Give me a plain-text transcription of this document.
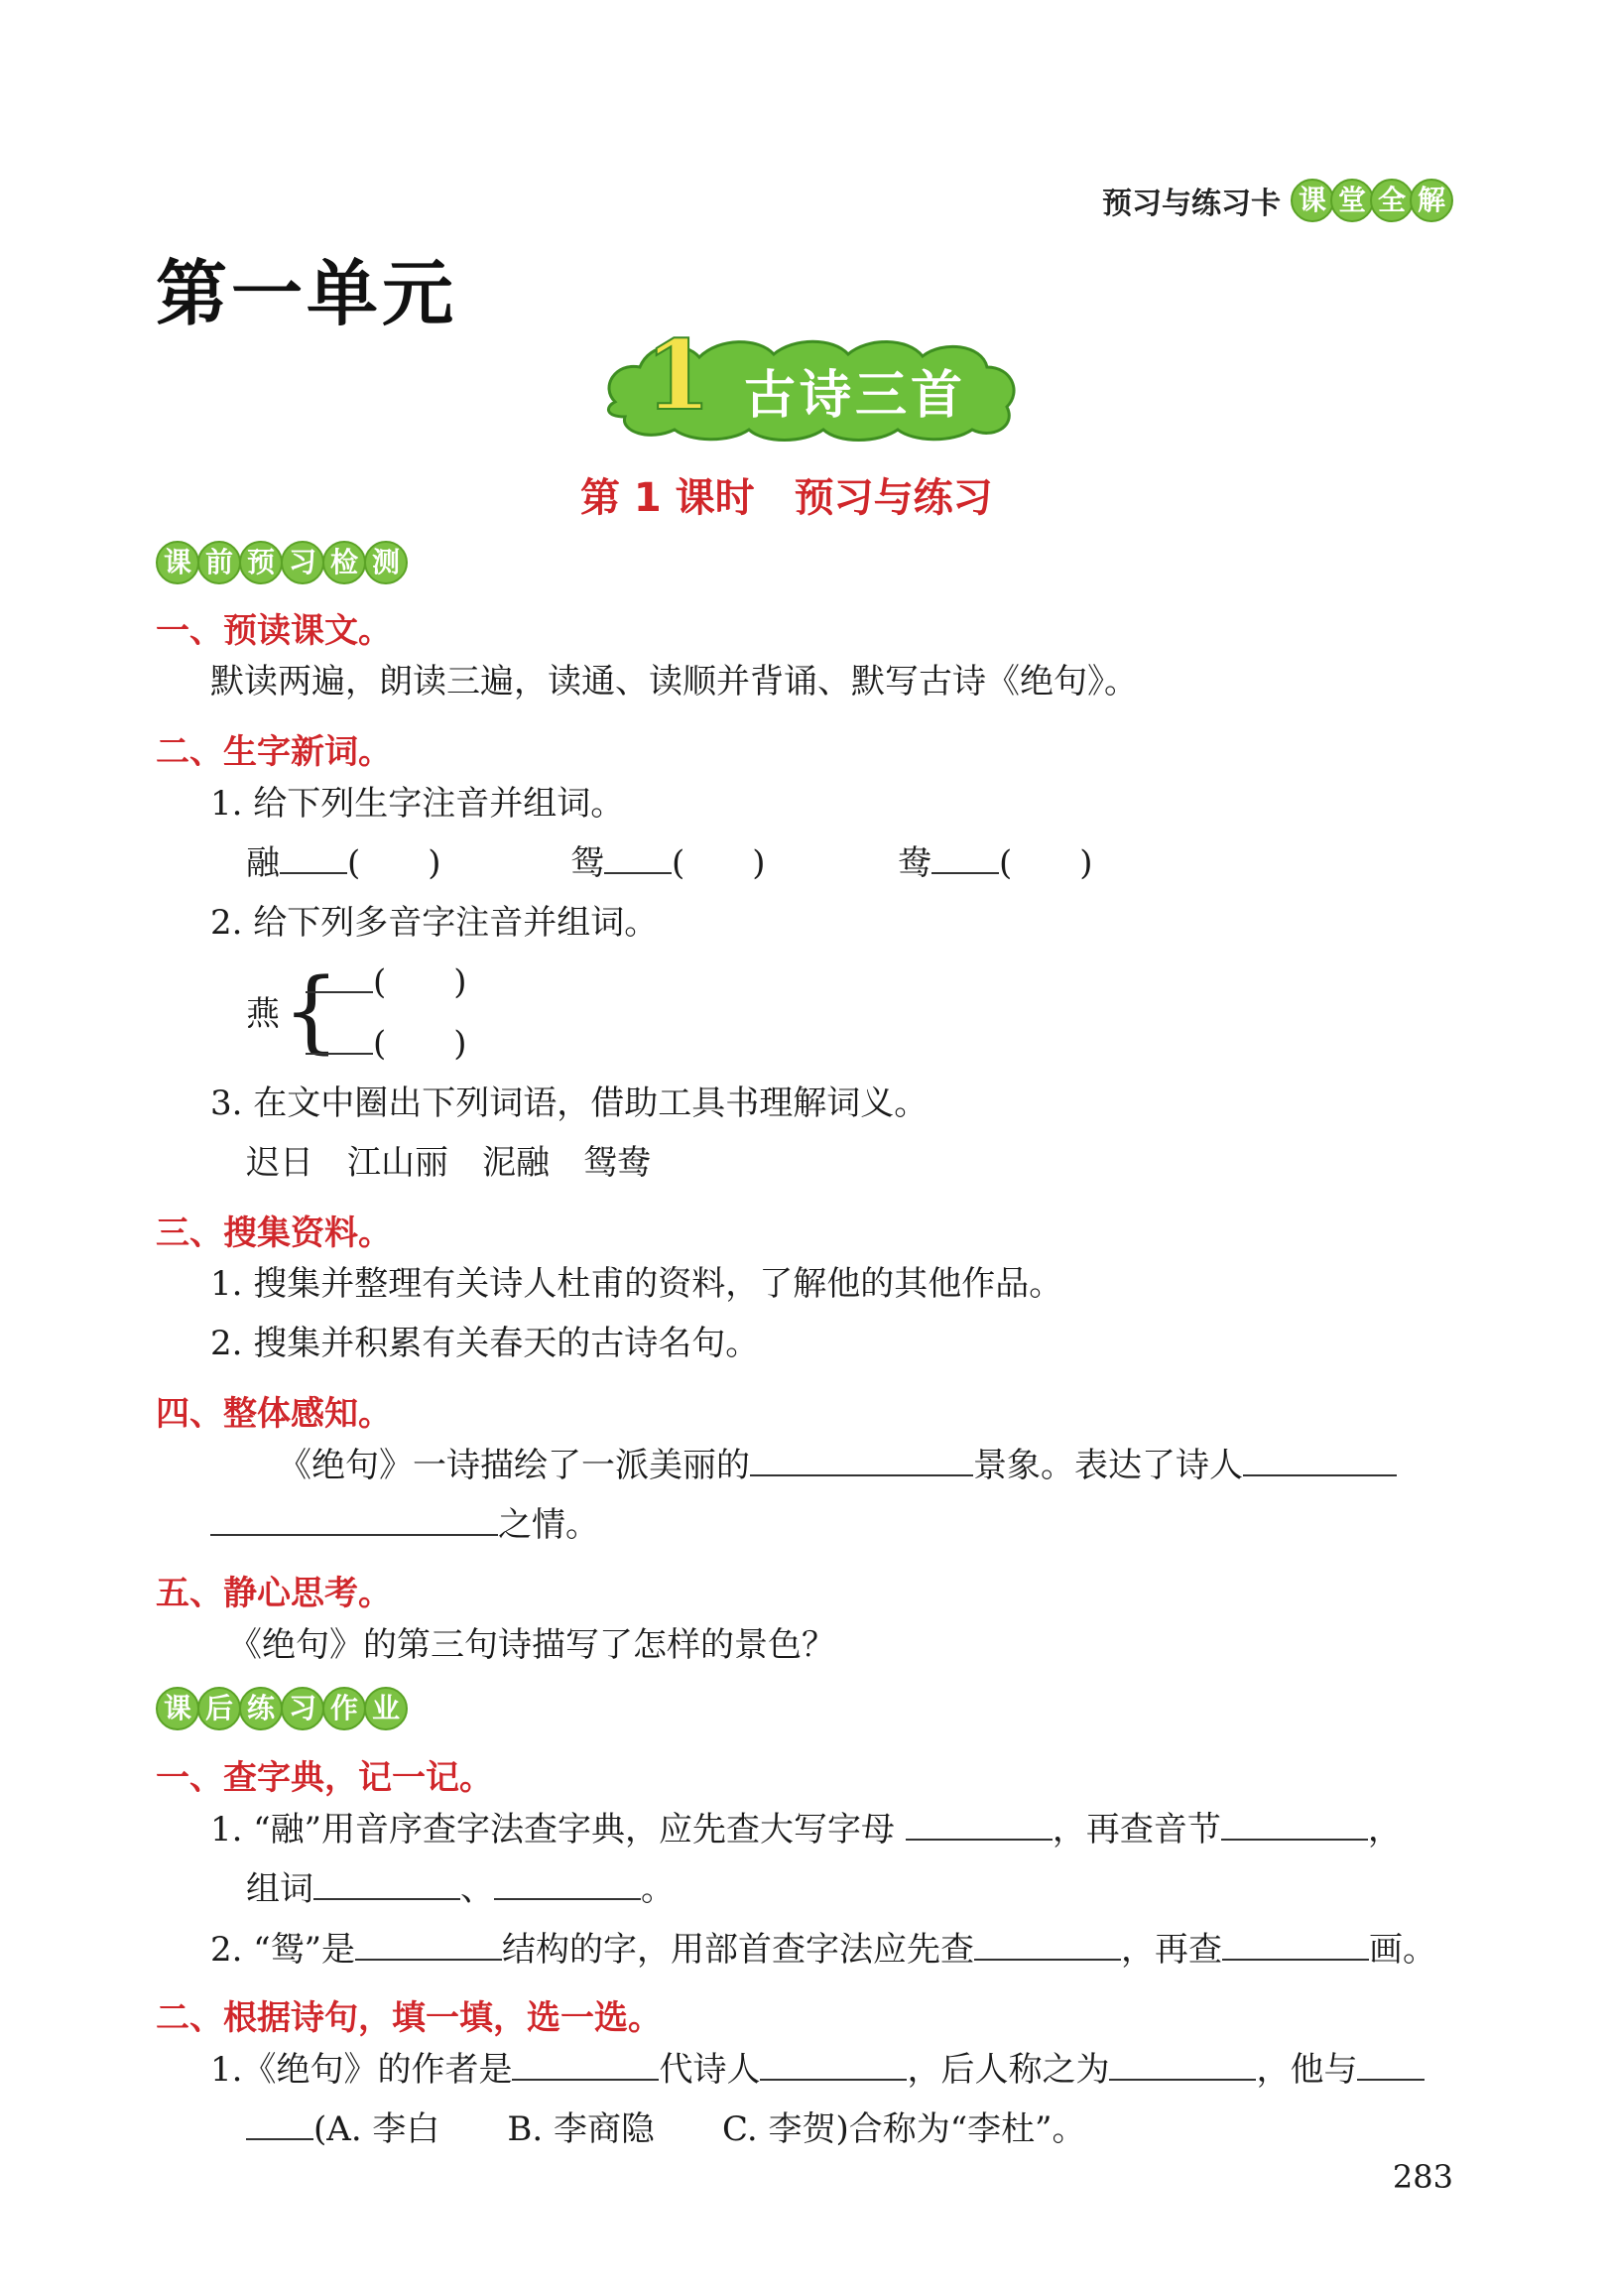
预习与练习卡 课 堂 全 解
第一单元
1 古诗三首
第 1 课时　预习与练习
课 前 预 习 检 测
一、预读课文。
默读两遍，朗读三遍，读通、读顺并背诵、默写古诗《绝句》。
二、生字新词。
1. 给下列生字注音并组词。
融 (　　)	鸳 (　　)	鸯 (　　)
2. 给下列多音字注音并组词。
燕 { (　　)
(　　)
3. 在文中圈出下列词语，借助工具书理解词义。
迟日　江山丽　泥融　鸳鸯
三、搜集资料。
1. 搜集并整理有关诗人杜甫的资料，了解他的其他作品。
2. 搜集并积累有关春天的古诗名句。
四、整体感知。
《绝句》一诗描绘了一派美丽的	景象。表达了诗人
之情。
五、静心思考。
《绝句》的第三句诗描写了怎样的景色？
课 后 练 习 作 业
一、查字典，记一记。
1. “融”用音序查字法查字典，应先查大写字母	，再查音节	，
组词	、	。
2. “鸳”是	结构的字，用部首查字法应先查	，再查	画。
二、根据诗句，填一填，选一选。
1.《绝句》的作者是	代诗人	，后人称之为	，他与
(A. 李白　　B. 李商隐　　C. 李贺)合称为“李杜”。
283
